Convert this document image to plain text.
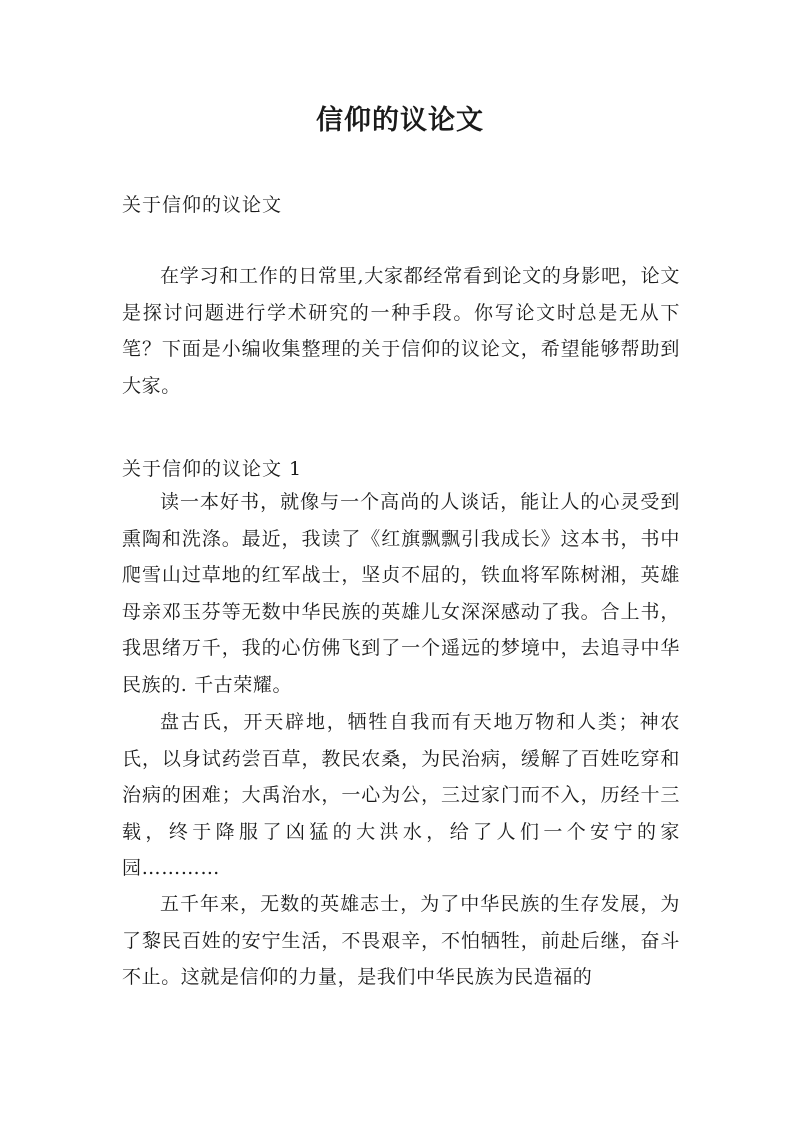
信仰的议论文
关于信仰的议论文

在学习和工作的日常里,大家都经常看到论文的身影吧，论文是探讨问题进行学术研究的一种手段。你写论文时总是无从下笔？下面是小编收集整理的关于信仰的议论文，希望能够帮助到大家。

关于信仰的议论文 1

读一本好书，就像与一个高尚的人谈话，能让人的心灵受到熏陶和洗涤。最近，我读了《红旗飘飘引我成长》这本书，书中爬雪山过草地的红军战士，坚贞不屈的，铁血将军陈树湘，英雄母亲邓玉芬等无数中华民族的英雄儿女深深感动了我。合上书，我思绪万千，我的心仿佛飞到了一个遥远的梦境中，去追寻中华民族的. 千古荣耀。

盘古氏，开天辟地，牺牲自我而有天地万物和人类；神农氏，以身试药尝百草，教民农桑，为民治病，缓解了百姓吃穿和治病的困难；大禹治水，一心为公，三过家门而不入，历经十三载，终于降服了凶猛的大洪水，给了人们一个安宁的家园…………

五千年来，无数的英雄志士，为了中华民族的生存发展，为了黎民百姓的安宁生活，不畏艰辛，不怕牺牲，前赴后继，奋斗不止。这就是信仰的力量，是我们中华民族为民造福的
